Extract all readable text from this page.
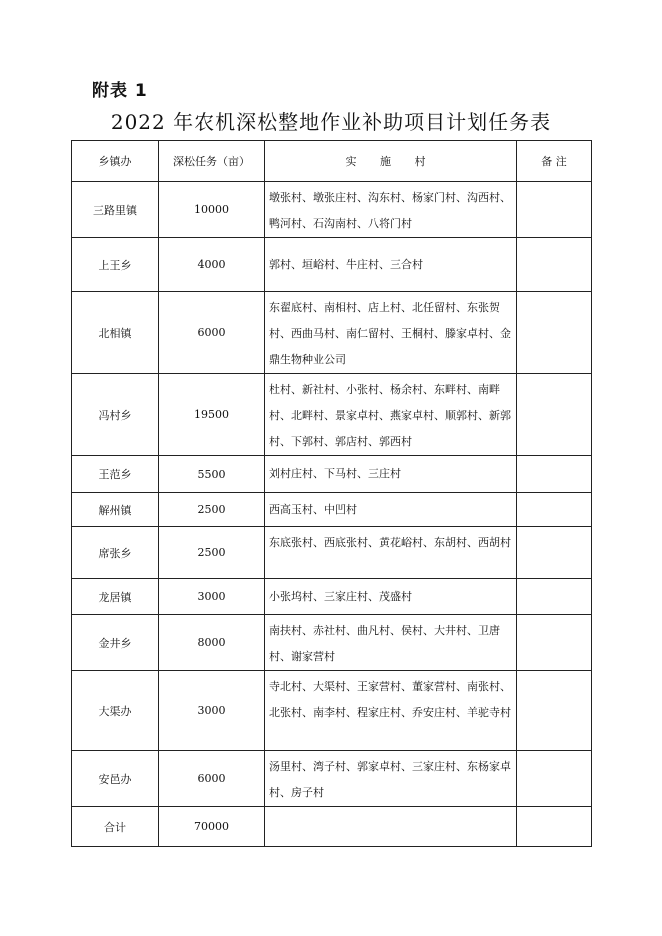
附表 1
2022 年农机深松整地作业补助项目计划任务表
乡镇办	深松任务（亩）	实 施 村	备 注
三路里镇	10000	墩张村、墩张庄村、沟东村、杨家门村、沟西村、鸭河村、石沟南村、八将门村	
上王乡	4000	郭村、垣峪村、牛庄村、三合村	
北相镇	6000	东翟底村、南相村、店上村、北任留村、东张贺村、西曲马村、南仁留村、王桐村、滕家卓村、金鼎生物种业公司	
冯村乡	19500	杜村、新社村、小张村、杨余村、东畔村、南畔村、北畔村、景家卓村、燕家卓村、顺郭村、新郭村、下郭村、郭店村、郭西村	
王范乡	5500	刘村庄村、下马村、三庄村	
解州镇	2500	西高玉村、中凹村	
席张乡	2500	东底张村、西底张村、黄花峪村、东胡村、西胡村	
龙居镇	3000	小张坞村、三家庄村、茂盛村	
金井乡	8000	南扶村、赤社村、曲凡村、侯村、大井村、卫唐村、谢家营村	
大渠办	3000	寺北村、大渠村、王家营村、董家营村、南张村、北张村、南李村、程家庄村、乔安庄村、羊驼寺村	
安邑办	6000	汤里村、湾子村、郭家卓村、三家庄村、东杨家卓村、房子村	
合计	70000		
